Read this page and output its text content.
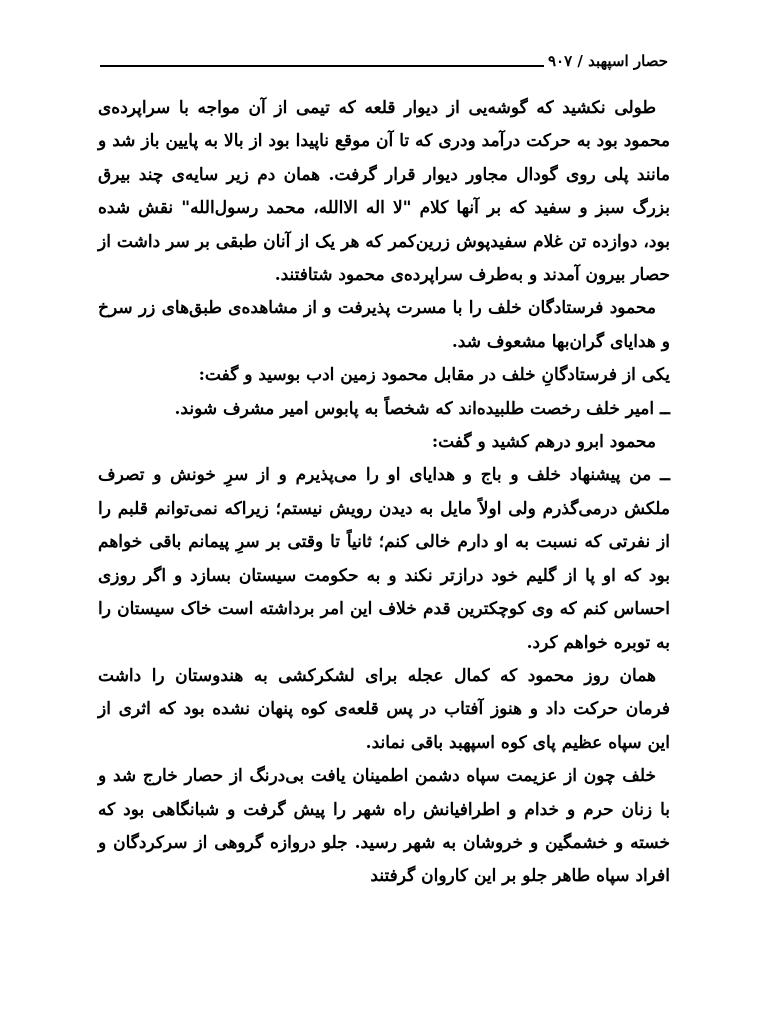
حصار اسپهبد / ۹۰۷

طولی نکشید که گوشه‌یی از دیوار قلعه که تیمی از آن مواجه با سراپرده‌ی محمود بود به حرکت درآمد ودری که تا آن موقع ناپیدا بود از بالا به پایین باز شد و مانند پلی روی گودال مجاور دیوار قرار گرفت. همان دم زیر سایه‌ی چند بیرق بزرگ سبز و سفید که بر آنها کلام "لا اله الاالله، محمد رسول‌الله" نقش شده بود، دوازده تن غلام سفیدپوش زرین‌کمر که هر یک از آنان طبقی بر سر داشت از حصار بیرون آمدند و به‌طرف سراپرده‌ی محمود شتافتند.

محمود فرستادگان خلف را با مسرت پذیرفت و از مشاهده‌ی طبق‌های زر سرخ و هدایای گران‌بها مشعوف شد.

یکی از فرستادگانِ خلف در مقابل محمود زمین ادب بوسید و گفت:

ــ امیر خلف رخصت طلبیده‌اند که شخصاً به پابوس امیر مشرف شوند.

محمود ابرو درهم کشید و گفت:

ــ من پیشنهاد خلف و باج و هدایای او را می‌پذیرم و از سرِ خونش و تصرف ملکش درمی‌گذرم ولی اولاً مایل به دیدن رویش نیستم؛ زیراکه نمی‌توانم قلبم را از نفرتی که نسبت به او دارم خالی کنم؛ ثانیاً تا وقتی بر سرِ پیمانم باقی خواهم بود که او پا از گلیم خود درازتر نکند و به حکومت سیستان بسازد و اگر روزی احساس کنم که وی کوچکترین قدم خلاف این امر برداشته است خاک سیستان را به توبره خواهم کرد.

همان روز محمود که کمال عجله برای لشکرکشی به هندوستان را داشت فرمان حرکت داد و هنوز آفتاب در پس قلعه‌ی کوه پنهان نشده بود که اثری از این سپاه عظیم پای کوه اسپهبد باقی نماند.

خلف چون از عزیمت سپاه دشمن اطمینان یافت بی‌درنگ از حصار خارج شد و با زنان حرم و خدام و اطرافیانش راه شهر را پیش گرفت و شبانگاهی بود که خسته و خشمگین و خروشان به شهر رسید. جلو دروازه گروهی از سرکردگان و افراد سپاه طاهر جلو بر این کاروان گرفتند
